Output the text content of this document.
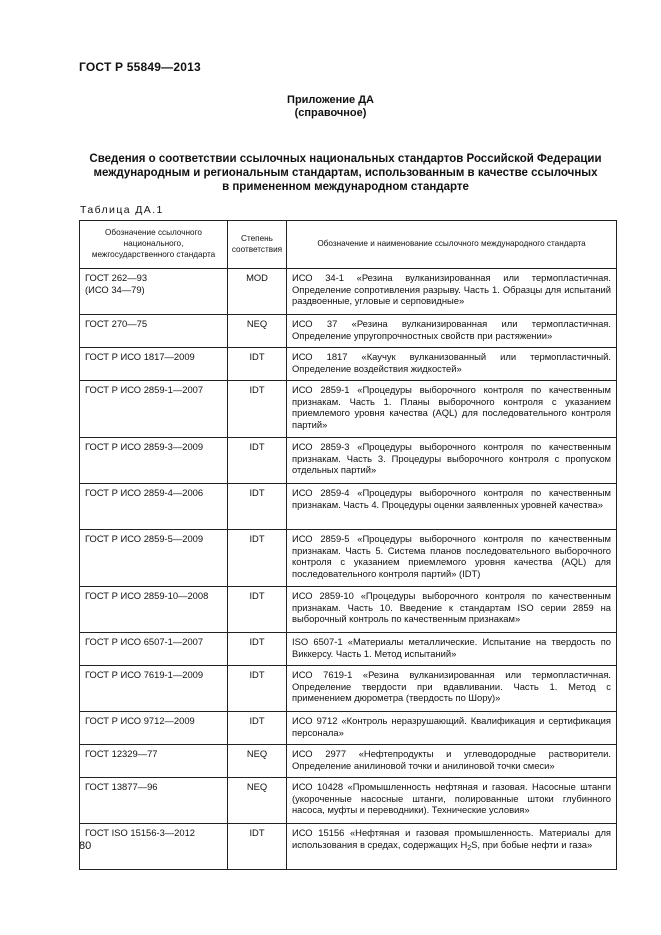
ГОСТ Р 55849—2013
Приложение ДА
(справочное)
Сведения о соответствии ссылочных национальных стандартов Российской Федерации
международным и региональным стандартам, использованным в качестве ссылочных
в примененном международном стандарте
Таблица ДА.1
Обозначение ссылочного национального, межгосударственного стандарта	Степень соответствия	Обозначение и наименование ссылочного международного стандарта

ГОСТ 262—93
(ИСО 34—79)	MOD	ИСО 34-1 «Резина вулканизированная или термопластичная. Определение сопротивления разрыву. Часть 1. Образцы для испытаний раздвоенные, угловые и серповидные»
ГОСТ 270—75	NEQ	ИСО 37 «Резина вулканизированная или термопластичная. Определение упругопрочностных свойств при растяжении»
ГОСТ Р ИСО 1817—2009	IDT	ИСО 1817 «Каучук вулканизованный или термопластичный. Определение воздействия жидкостей»
ГОСТ Р ИСО 2859-1—2007	IDT	ИСО 2859-1 «Процедуры выборочного контроля по качественным признакам. Часть 1. Планы выборочного контроля с указанием приемлемого уровня качества (AQL) для последовательного контроля партий»
ГОСТ Р ИСО 2859-3—2009	IDT	ИСО 2859-3 «Процедуры выборочного контроля по качественным признакам. Часть 3. Процедуры выборочного контроля с пропуском отдельных партий»
ГОСТ Р ИСО 2859-4—2006	IDT	ИСО 2859-4 «Процедуры выборочного контроля по качественным признакам. Часть 4. Процедуры оценки заявленных уровней качества»
ГОСТ Р ИСО 2859-5—2009	IDT	ИСО 2859-5 «Процедуры выборочного контроля по качественным признакам. Часть 5. Система планов последовательного выборочного контроля с указанием приемлемого уровня качества (AQL) для последовательного контроля партий» (IDT)
ГОСТ Р ИСО 2859-10—2008	IDT	ИСО 2859-10 «Процедуры выборочного контроля по качественным признакам. Часть 10. Введение к стандартам ISO серии 2859 на выборочный контроль по качественным признакам»
ГОСТ Р ИСО 6507-1—2007	IDT	ISO 6507-1 «Материалы металлические. Испытание на твердость по Виккерсу. Часть 1. Метод испытаний»
ГОСТ Р ИСО 7619-1—2009	IDT	ИСО 7619-1 «Резина вулканизированная или термопластичная. Определение твердости при вдавливании. Часть 1. Метод с применением дюрометра (твердость по Шору)»
ГОСТ Р ИСО 9712—2009	IDT	ИСО 9712 «Контроль неразрушающий. Квалификация и сертификация персонала»
ГОСТ 12329—77	NEQ	ИСО 2977 «Нефтепродукты и углеводородные растворители. Определение анилиновой точки и анилиновой точки смеси»
ГОСТ 13877—96	NEQ	ИСО 10428 «Промышленность нефтяная и газовая. Насосные штанги (укороченные насосные штанги, полированные штоки глубинного насоса, муфты и переводники). Технические условия»
ГОСТ ISO 15156-3—2012	IDT	ИСО 15156 «Нефтяная и газовая промышленность. Материалы для использования в средах, содержащих $H_2S$, при бобые нефти и газа»
80
